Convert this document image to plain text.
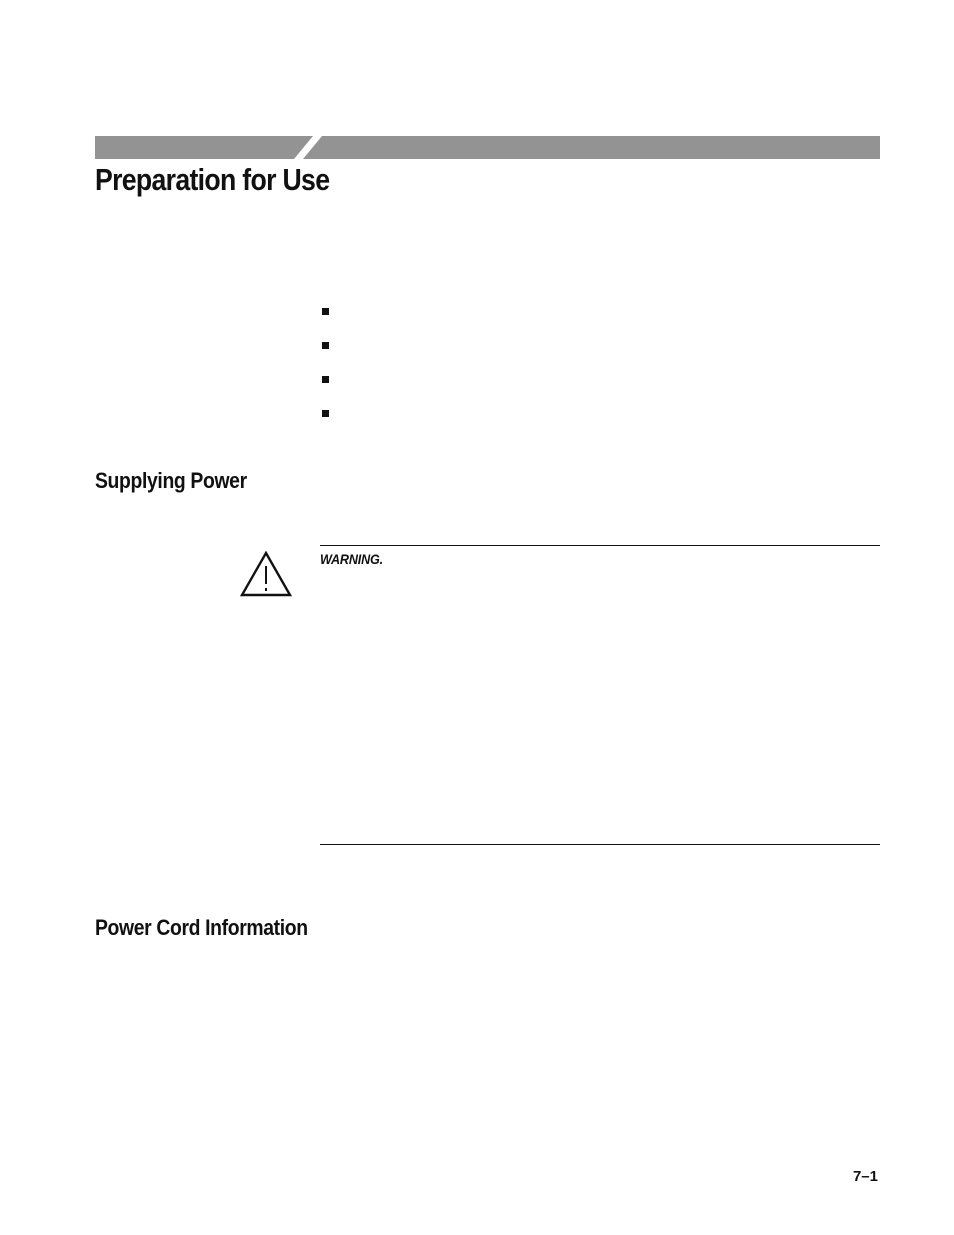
Preparation for Use
Supplying Power
WARNING.
Power Cord Information
7–1
